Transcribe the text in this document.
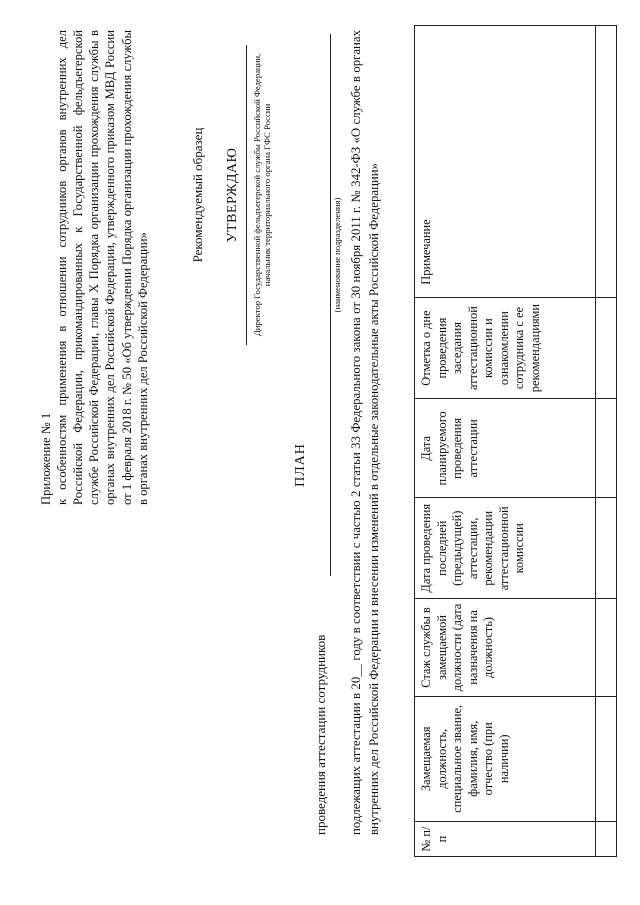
Приложение № 1 к особенностям применения в отношении сотрудников органов внутренних дел Российской Федерации, прикомандированных к Государственной фельдъегерской службе Российской Федерации, главы X Порядка организации прохождения службы в органах внутренних дел Российской Федерации, утвержденного приказом МВД России от 1 февраля 2018 г. № 50 «Об утверждении Порядка организации прохождения службы в органах внутренних дел Российской Федерации»
Рекомендуемый образец УТВЕРЖДАЮ Директор Государственной фельдъегерской службы Российской Федерации, начальник территориального органа ГФС России
ПЛАН
проведения аттестации сотрудников
(наименование подразделения) подлежащих аттестации в 20__ году в соответствии с частью 2 статьи 33 Федерального закона от 30 ноября 2011 г. № 342-ФЗ «О службе в органах внутренних дел Российской Федерации и внесении изменений в отдельные законодательные акты Российской Федерации»
№ п/п	Замещаемая должность, специальное звание, фамилия, имя, отчество (при наличии)	Стаж службы в замещаемой должности (дата назначения на должность)	Дата проведения последней (предыдущей) аттестации, рекомендации аттестационной комиссии	Дата планируемого проведения аттестации	Отметка о дне проведения заседания аттестационной комиссии и ознакомлении сотрудника с ее рекомендациями	Примечание
